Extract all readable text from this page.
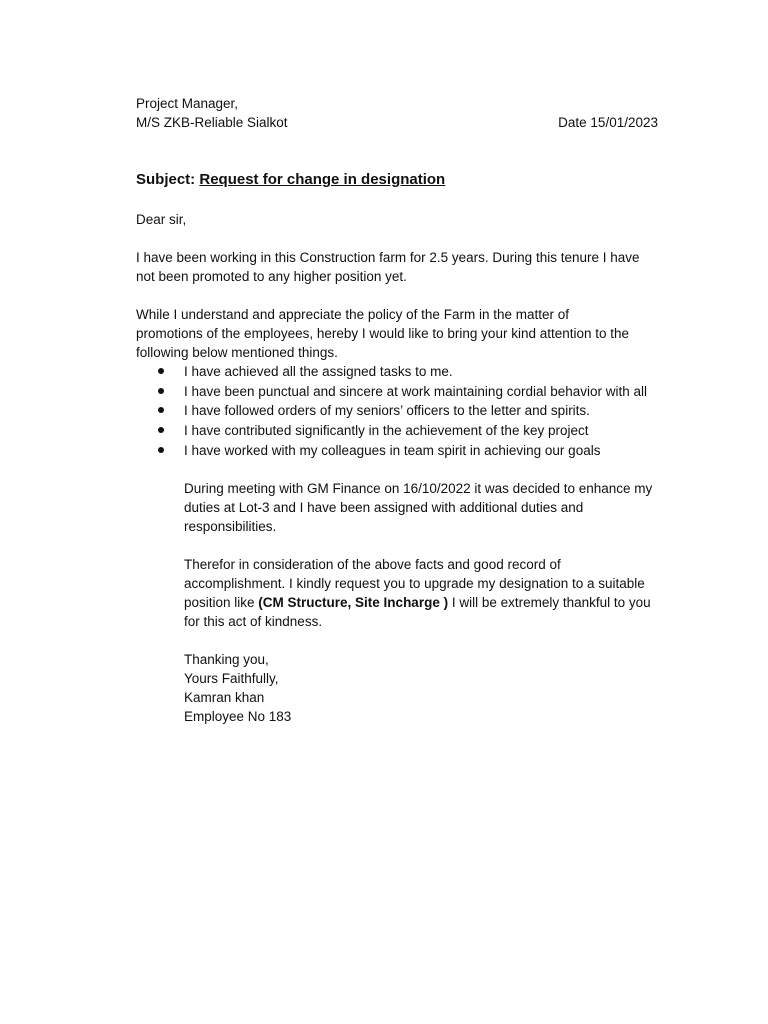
Project Manager,
M/S ZKB-Reliable Sialkot	Date 15/01/2023
Subject: Request for change in designation
Dear sir,
I have been working in this Construction farm for 2.5 years. During this tenure I have
not been promoted to any higher position yet.
While I understand and appreciate the policy of the Farm in the matter of
promotions of the employees, hereby I would like to bring your kind attention to the
following below mentioned things.
I have achieved all the assigned tasks to me.
I have been punctual and sincere at work maintaining cordial behavior with all
I have followed orders of my seniors’ officers to the letter and spirits.
I have contributed significantly in the achievement of the key project
I have worked with my colleagues in team spirit in achieving our goals
During meeting with GM Finance on 16/10/2022 it was decided to enhance my
duties at Lot-3 and I have been assigned with additional duties and
responsibilities.
Therefor in consideration of the above facts and good record of
accomplishment. I kindly request you to upgrade my designation to a suitable
position like (CM Structure, Site Incharge ) I will be extremely thankful to you
for this act of kindness.
Thanking you,
Yours Faithfully,
Kamran khan
Employee No 183
